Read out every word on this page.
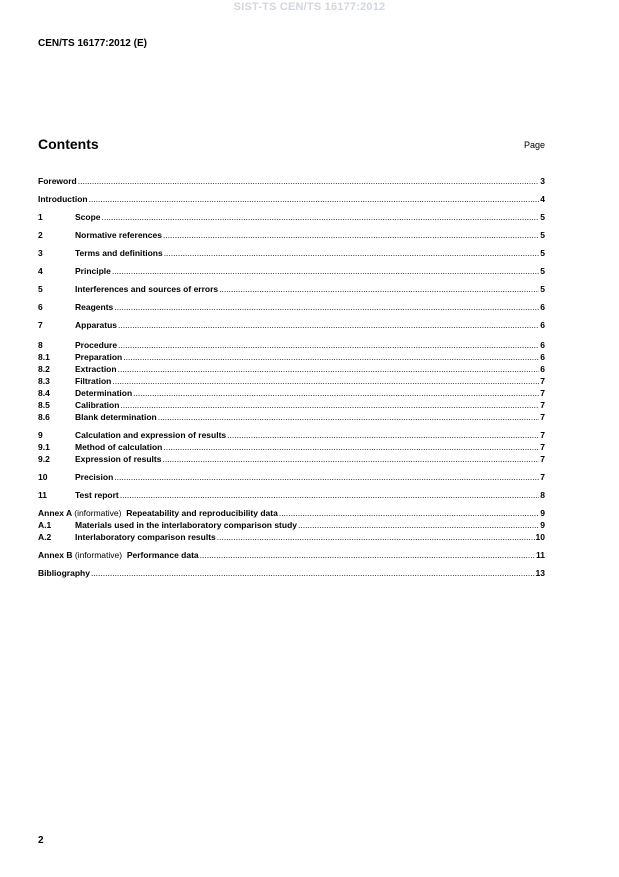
SIST-TS CEN/TS 16177:2012
CEN/TS 16177:2012 (E)
Contents	Page
Foreword .....	3
Introduction .....	4
1	Scope .....	5
2	Normative references .....	5
3	Terms and definitions .....	5
4	Principle .....	5
5	Interferences and sources of errors .....	5
6	Reagents .....	6
7	Apparatus .....	6
8	Procedure .....	6
8.1	Preparation .....	6
8.2	Extraction .....	6
8.3	Filtration .....	7
8.4	Determination .....	7
8.5	Calibration .....	7
8.6	Blank determination .....	7
9	Calculation and expression of results .....	7
9.1	Method of calculation .....	7
9.2	Expression of results .....	7
10	Precision .....	7
11	Test report .....	8
Annex A (informative) Repeatability and reproducibility data .....	9
A.1	Materials used in the interlaboratory comparison study .....	9
A.2	Interlaboratory comparison results .....	10
Annex B (informative) Performance data .....	11
Bibliography .....	13
2
